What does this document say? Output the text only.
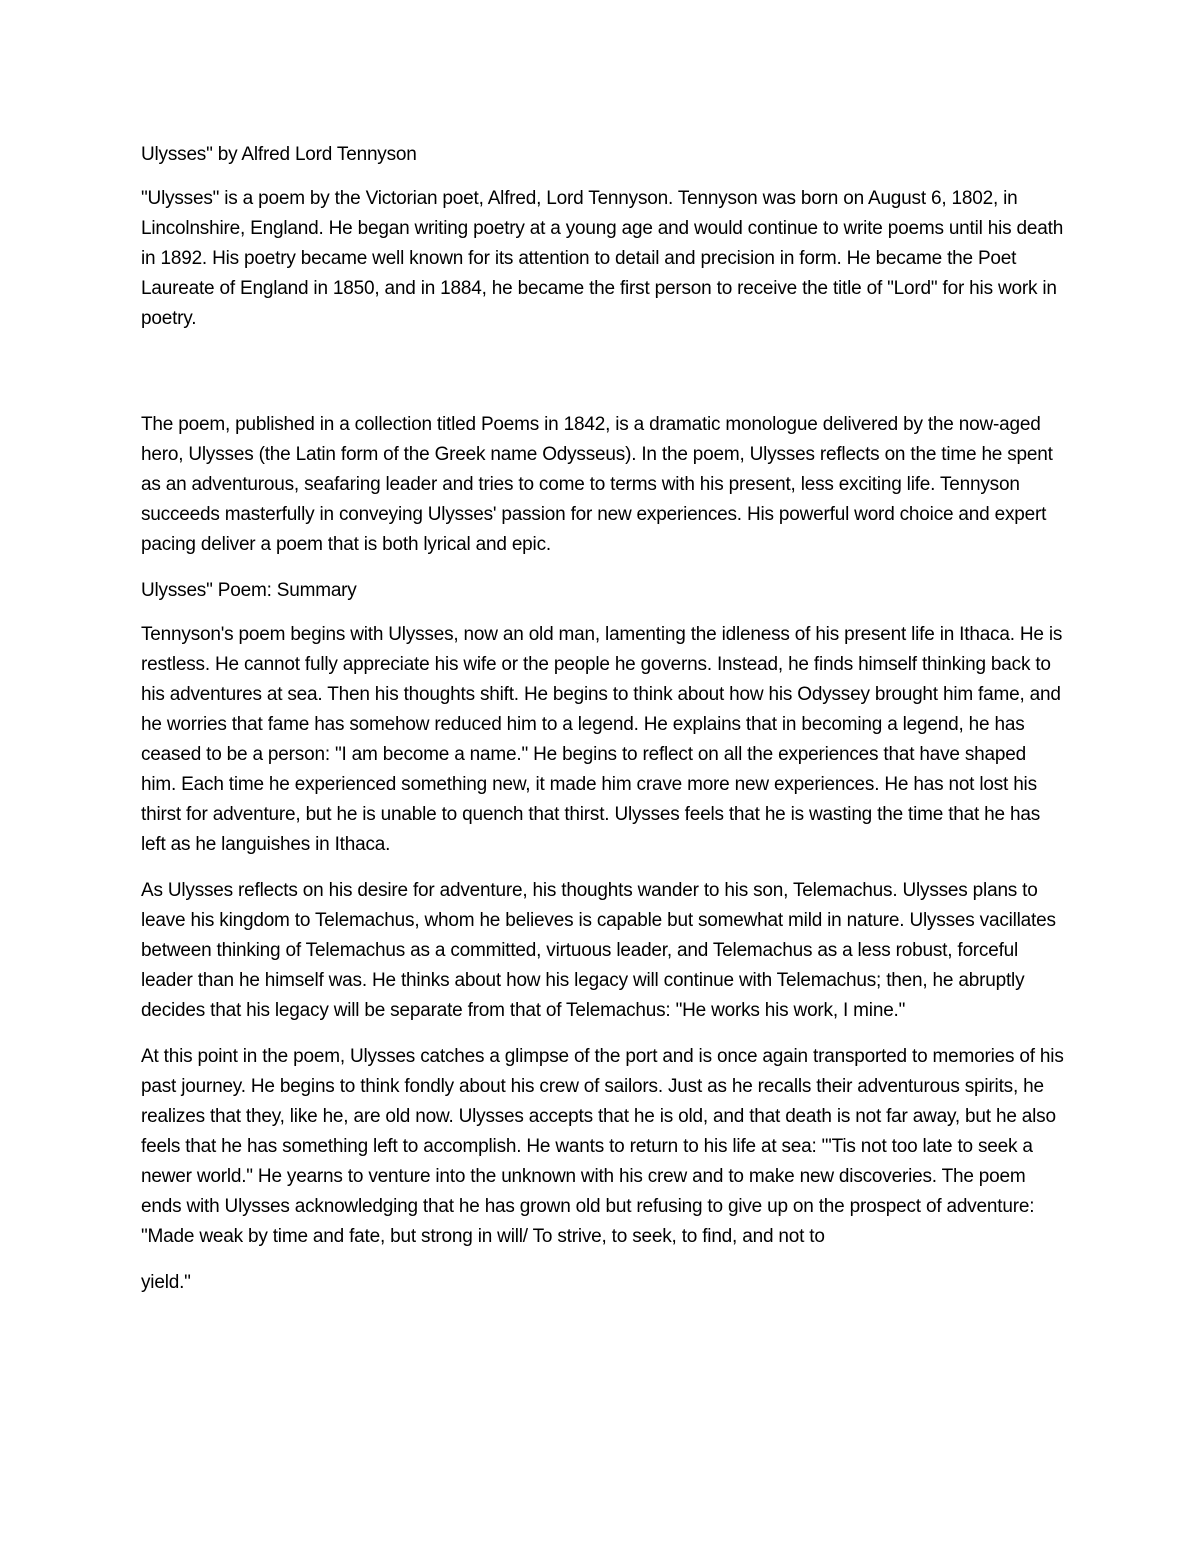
Ulysses" by Alfred Lord Tennyson

"Ulysses" is a poem by the Victorian poet, Alfred, Lord Tennyson. Tennyson was born on August 6, 1802, in Lincolnshire, England. He began writing poetry at a young age and would continue to write poems until his death in 1892. His poetry became well known for its attention to detail and precision in form. He became the Poet Laureate of England in 1850, and in 1884, he became the first person to receive the title of "Lord" for his work in poetry.

The poem, published in a collection titled Poems in 1842, is a dramatic monologue delivered by the now-aged hero, Ulysses (the Latin form of the Greek name Odysseus). In the poem, Ulysses reflects on the time he spent as an adventurous, seafaring leader and tries to come to terms with his present, less exciting life. Tennyson succeeds masterfully in conveying Ulysses' passion for new experiences. His powerful word choice and expert pacing deliver a poem that is both lyrical and epic.

Ulysses" Poem: Summary

Tennyson's poem begins with Ulysses, now an old man, lamenting the idleness of his present life in Ithaca. He is restless. He cannot fully appreciate his wife or the people he governs. Instead, he finds himself thinking back to his adventures at sea. Then his thoughts shift. He begins to think about how his Odyssey brought him fame, and he worries that fame has somehow reduced him to a legend. He explains that in becoming a legend, he has ceased to be a person: "I am become a name." He begins to reflect on all the experiences that have shaped him. Each time he experienced something new, it made him crave more new experiences. He has not lost his thirst for adventure, but he is unable to quench that thirst. Ulysses feels that he is wasting the time that he has left as he languishes in Ithaca.

As Ulysses reflects on his desire for adventure, his thoughts wander to his son, Telemachus. Ulysses plans to leave his kingdom to Telemachus, whom he believes is capable but somewhat mild in nature. Ulysses vacillates between thinking of Telemachus as a committed, virtuous leader, and Telemachus as a less robust, forceful leader than he himself was. He thinks about how his legacy will continue with Telemachus; then, he abruptly decides that his legacy will be separate from that of Telemachus: "He works his work, I mine."

At this point in the poem, Ulysses catches a glimpse of the port and is once again transported to memories of his past journey. He begins to think fondly about his crew of sailors. Just as he recalls their adventurous spirits, he realizes that they, like he, are old now. Ulysses accepts that he is old, and that death is not far away, but he also feels that he has something left to accomplish. He wants to return to his life at sea: "'Tis not too late to seek a newer world." He yearns to venture into the unknown with his crew and to make new discoveries. The poem ends with Ulysses acknowledging that he has grown old but refusing to give up on the prospect of adventure: "Made weak by time and fate, but strong in will/ To strive, to seek, to find, and not to

yield."
